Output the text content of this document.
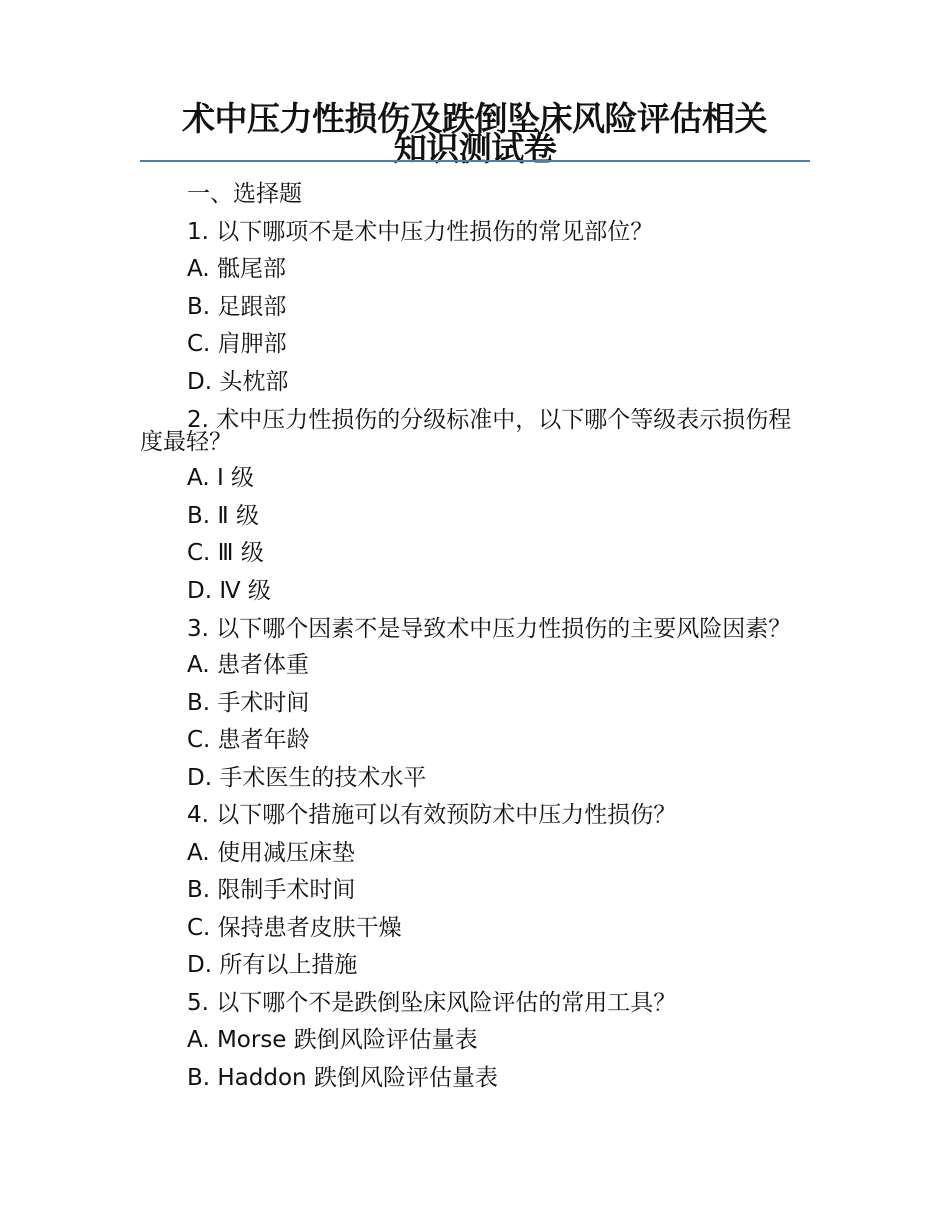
术中压力性损伤及跌倒坠床风险评估相关
知识测试卷

一、选择题

1. 以下哪项不是术中压力性损伤的常见部位？

A. 骶尾部

B. 足跟部

C. 肩胛部

D. 头枕部

2. 术中压力性损伤的分级标准中，以下哪个等级表示损伤程度最轻？

A. Ⅰ 级

B. Ⅱ 级

C. Ⅲ 级

D. Ⅳ 级

3. 以下哪个因素不是导致术中压力性损伤的主要风险因素？

A. 患者体重

B. 手术时间

C. 患者年龄

D. 手术医生的技术水平

4. 以下哪个措施可以有效预防术中压力性损伤？

A. 使用减压床垫

B. 限制手术时间

C. 保持患者皮肤干燥

D. 所有以上措施

5. 以下哪个不是跌倒坠床风险评估的常用工具？

A. Morse 跌倒风险评估量表

B. Haddon 跌倒风险评估量表
